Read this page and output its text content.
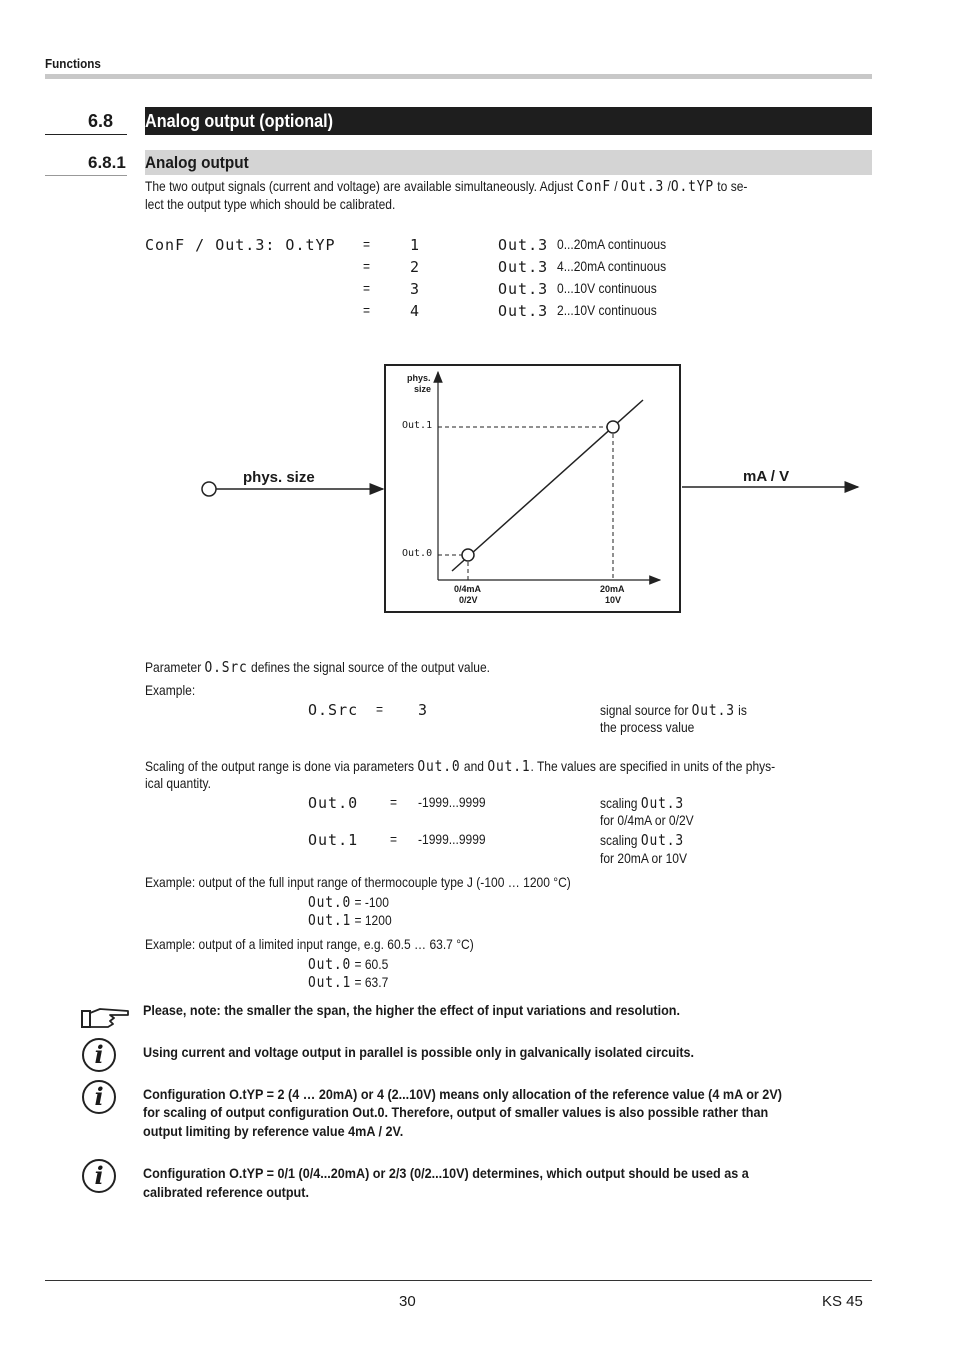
Functions
6.8 Analog output (optional)
6.8.1 Analog output
The two output signals (current and voltage) are available simultaneously. Adjust ConF / Out.3 /O.tYP to se-
lect the output type which should be calibrated.
ConF / Out.3: O.tYP =	1	Out.3 0...20mA continuous
=	2	Out.3 4...20mA continuous
=	3	Out.3 0...10V continuous
=	4	Out.3 2...10V continuous
phys. size	mA / V
phys.
size
Out.1
Out.0
0/4mA
0/2V
20mA
10V
Parameter O.Src defines the signal source of the output value.
Example:
O.Src = 3	signal source for Out.3 is
the process value
Scaling of the output range is done via parameters Out.0 and Out.1. The values are specified in units of the phys-
ical quantity.
Out.0 = -1999...9999	scaling Out.3
for 0/4mA or 0/2V
Out.1 = -1999...9999	scaling Out.3
for 20mA or 10V
Example: output of the full input range of thermocouple type J (-100 … 1200 °C)
Out.0 = -100
Out.1 = 1200
Example: output of a limited input range, e.g. 60.5 … 63.7 °C)
Out.0 = 60.5
Out.1 = 63.7
Please, note: the smaller the span, the higher the effect of input variations and resolution.
i	Using current and voltage output in parallel is possible only in galvanically isolated circuits.
i	Configuration O.tYP = 2 (4 … 20mA) or 4 (2...10V) means only allocation of the reference value (4 mA or 2V)
for scaling of output configuration Out.0. Therefore, output of smaller values is also possible rather than
output limiting by reference value 4mA / 2V.
i	Configuration O.tYP = 0/1 (0/4...20mA) or 2/3 (0/2...10V) determines, which output should be used as a
calibrated reference output.
30	KS 45
